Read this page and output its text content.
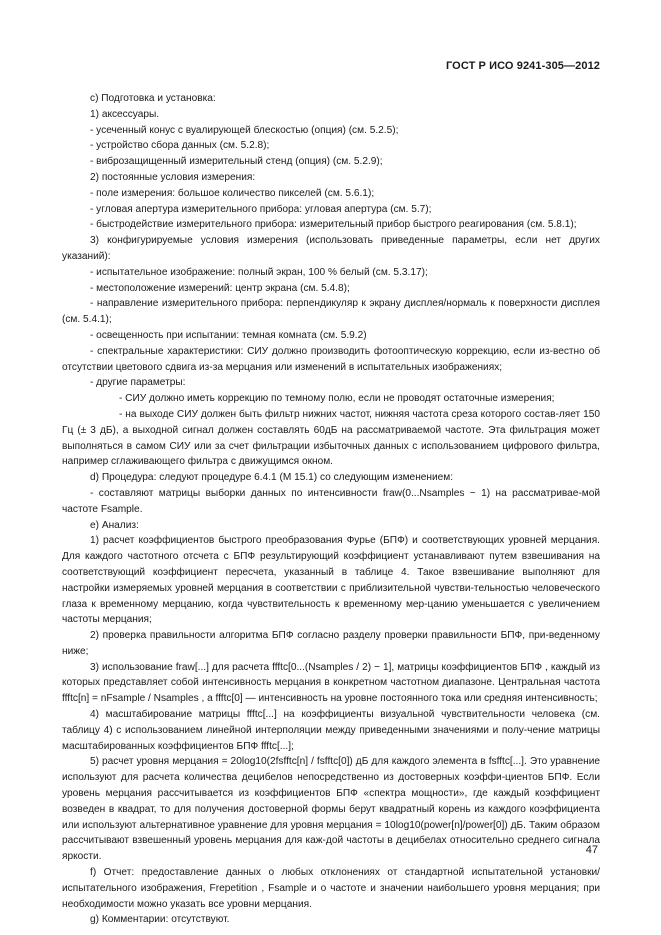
ГОСТ Р ИСО 9241-305—2012

c) Подготовка и установка:

1) аксессуары.

- усеченный конус с вуалирующей блескостью (опция) (см. 5.2.5);

- устройство сбора данных (см. 5.2.8);

- виброзащищенный измерительный стенд (опция) (см. 5.2.9);

2) постоянные условия измерения:

- поле измерения: большое количество пикселей (см. 5.6.1);

- угловая апертура измерительного прибора: угловая апертура (см. 5.7);

- быстродействие измерительного прибора: измерительный прибор быстрого реагирования (см. 5.8.1);

3) конфигурируемые условия измерения (использовать приведенные параметры, если нет других указаний):

- испытательное изображение: полный экран, 100 % белый (см. 5.3.17);

- местоположение измерений: центр экрана (см. 5.4.8);

- направление измерительного прибора: перпендикуляр к экрану дисплея/нормаль к поверхности дисплея (см. 5.4.1);

- освещенность при испытании: темная комната (см. 5.9.2)

- спектральные характеристики: СИУ должно производить фотооптическую коррекцию, если из-вестно об отсутствии цветового сдвига из-за мерцания или изменений в испытательных изображениях;

- другие параметры:

- СИУ должно иметь коррекцию по темному полю, если не проводят остаточные измерения;

- на выходе СИУ должен быть фильтр нижних частот, нижняя частота среза которого состав-ляет 150 Гц (± 3 дБ), а выходной сигнал должен составлять 60дБ на рассматриваемой частоте. Эта фильтрация может выполняться в самом СИУ или за счет фильтрации избыточных данных с использованием цифрового фильтра, например сглаживающего фильтра с движущимся окном.

d) Процедура: следуют процедуре 6.4.1 (М 15.1) со следующим изменением:

- составляют матрицы выборки данных по интенсивности fraw(0...Nsamples − 1) на рассматривае-мой частоте Fsample.

e) Анализ:

1) расчет коэффициентов быстрого преобразования Фурье (БПФ) и соответствующих уровней мерцания. Для каждого частотного отсчета с БПФ результирующий коэффициент устанавливают путем взвешивания на соответствующий коэффициент пересчета, указанный в таблице 4. Такое взвешивание выполняют для настройки измеряемых уровней мерцания в соответствии с приблизительной чувстви-тельностью человеческого глаза к временному мерцанию, когда чувствительность к временному мер-цанию уменьшается с увеличением частоты мерцания;

2) проверка правильности алгоритма БПФ согласно разделу проверки правильности БПФ, при-веденному ниже;

3) использование fraw[...] для расчета ffftc[0...(Nsamples / 2) − 1], матрицы коэффициентов БПФ , каждый из которых представляет собой интенсивность мерцания в конкретном частотном диапазоне. Центральная частота ffftc[n] = nFsample / Nsamples , а ffftc[0] — интенсивность на уровне постоянного тока или средняя интенсивность;

4) масштабирование матрицы ffftc[...] на коэффициенты визуальной чувствительности человека (см. таблицу 4) с использованием линейной интерполяции между приведенными значениями и полу-чение матрицы масштабированных коэффициентов БПФ ffftc[...];

5) расчет уровня мерцания = 20log10(2fsfftc[n] / fsfftc[0]) дБ для каждого элемента в fsfftc[...]. Это уравнение используют для расчета количества децибелов непосредственно из достоверных коэффи-циентов БПФ. Если уровень мерцания рассчитывается из коэффициентов БПФ «спектра мощности», где каждый коэффициент возведен в квадрат, то для получения достоверной формы берут квадратный корень из каждого коэффициента или используют альтернативное уравнение для уровня мерцания = 10log10(power[n]/power[0]) дБ. Таким образом рассчитывают взвешенный уровень мерцания для каж-дой частоты в децибелах относительно среднего сигнала яркости.

f) Отчет: предоставление данных о любых отклонениях от стандартной испытательной установки/ испытательного изображения, Frepetition , Fsample и о частоте и значении наибольшего уровня мерцания; при необходимости можно указать все уровни мерцания.

g) Комментарии: отсутствуют.

47
